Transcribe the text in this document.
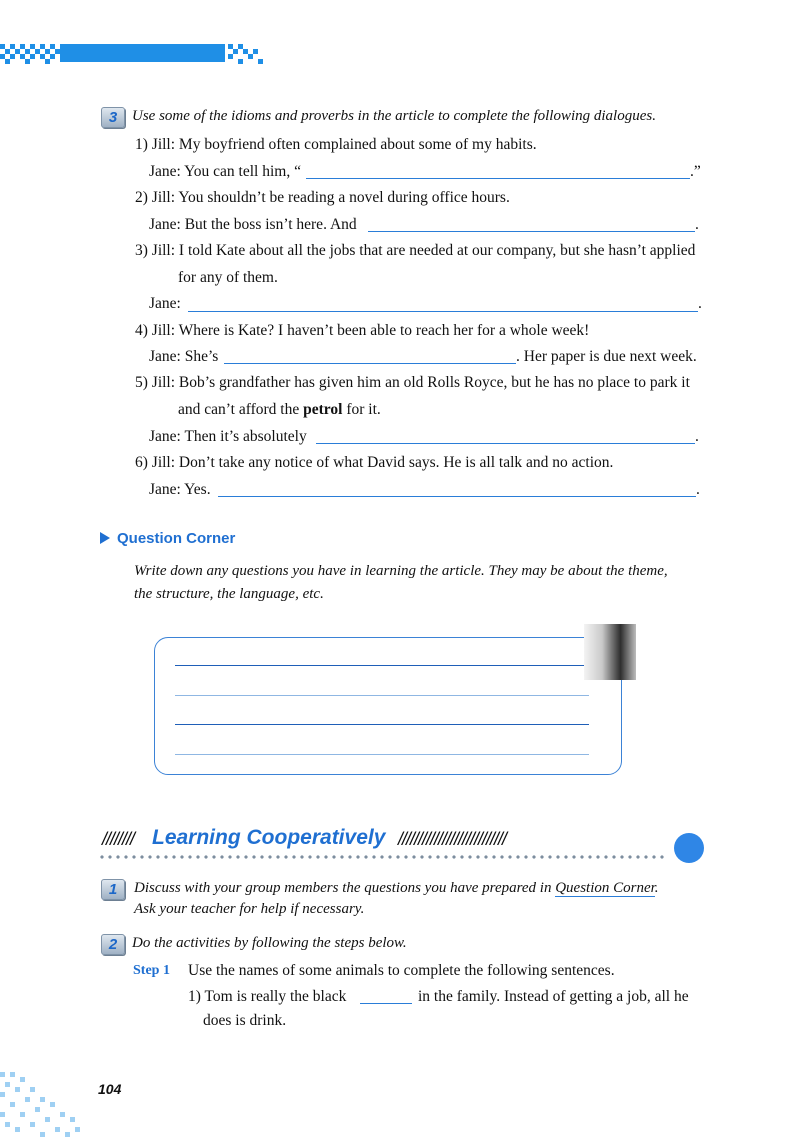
3 Use some of the idioms and proverbs in the article to complete the following dialogues.
1) Jill: My boyfriend often complained about some of my habits.
Jane: You can tell him, “	.”
2) Jill: You shouldn’t be reading a novel during office hours.
Jane: But the boss isn’t here. And	.
3) Jill: I told Kate about all the jobs that are needed at our company, but she hasn’t applied
for any of them.
Jane:	.
4) Jill: Where is Kate? I haven’t been able to reach her for a whole week!
Jane: She’s	. Her paper is due next week.
5) Jill: Bob’s grandfather has given him an old Rolls Royce, but he has no place to park it
and can’t afford the petrol for it.
Jane: Then it’s absolutely	.
6) Jill: Don’t take any notice of what David says. He is all talk and no action.
Jane: Yes.	.
Question Corner
Write down any questions you have in learning the article. They may be about the theme,
the structure, the language, etc.
//////// Learning Cooperatively ///////////////////////////
1	Discuss with your group members the questions you have prepared in Question Corner.
Ask your teacher for help if necessary.
2 Do the activities by following the steps below.
Step 1 Use the names of some animals to complete the following sentences.
1) Tom is really the black	in the family. Instead of getting a job, all he
does is drink.
104
